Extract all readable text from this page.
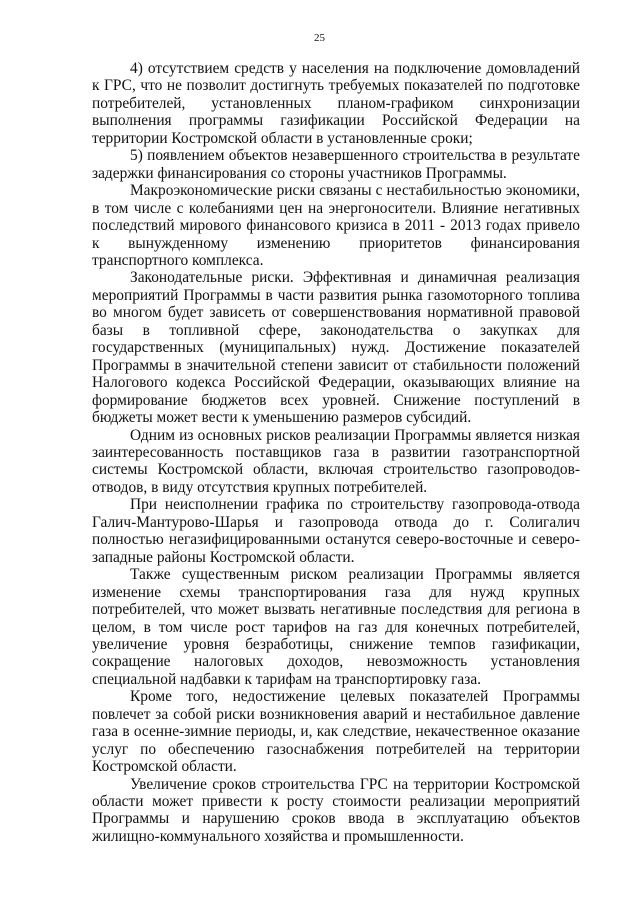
25

4) отсутствием средств у населения на подключение домовладений к ГРС, что не позволит достигнуть требуемых показателей по подготовке потребителей, установленных планом-графиком синхронизации выполнения программы газификации Российской Федерации на территории Костромской области в установленные сроки;

5) появлением объектов незавершенного строительства в результате задержки финансирования со стороны участников Программы.

Макроэкономические риски связаны с нестабильностью экономики, в том числе с колебаниями цен на энергоносители. Влияние негативных последствий мирового финансового кризиса в 2011 - 2013 годах привело к вынужденному изменению приоритетов финансирования транспортного комплекса.

Законодательные риски. Эффективная и динамичная реализация мероприятий Программы в части развития рынка газомоторного топлива во многом будет зависеть от совершенствования нормативной правовой базы в топливной сфере, законодательства о закупках для государственных (муниципальных) нужд. Достижение показателей Программы в значительной степени зависит от стабильности положений Налогового кодекса Российской Федерации, оказывающих влияние на формирование бюджетов всех уровней. Снижение поступлений в бюджеты может вести к уменьшению размеров субсидий.

Одним из основных рисков реализации Программы является низкая заинтересованность поставщиков газа в развитии газотранспортной системы Костромской области, включая строительство газопроводов-отводов, в виду отсутствия крупных потребителей.

При неисполнении графика по строительству газопровода-отвода Галич-Мантурово-Шарья и газопровода отвода до г. Солигалич полностью негазифицированными останутся северо-восточные и северо-западные районы Костромской области.

Также существенным риском реализации Программы является изменение схемы транспортирования газа для нужд крупных потребителей, что может вызвать негативные последствия для региона в целом, в том числе рост тарифов на газ для конечных потребителей, увеличение уровня безработицы, снижение темпов газификации, сокращение налоговых доходов, невозможность установления специальной надбавки к тарифам на транспортировку газа.

Кроме того, недостижение целевых показателей Программы повлечет за собой риски возникновения аварий и нестабильное давление газа в осенне-зимние периоды, и, как следствие, некачественное оказание услуг по обеспечению газоснабжения потребителей на территории Костромской области.

Увеличение сроков строительства ГРС на территории Костромской области может привести к росту стоимости реализации мероприятий Программы и нарушению сроков ввода в эксплуатацию объектов жилищно-коммунального хозяйства и промышленности.
